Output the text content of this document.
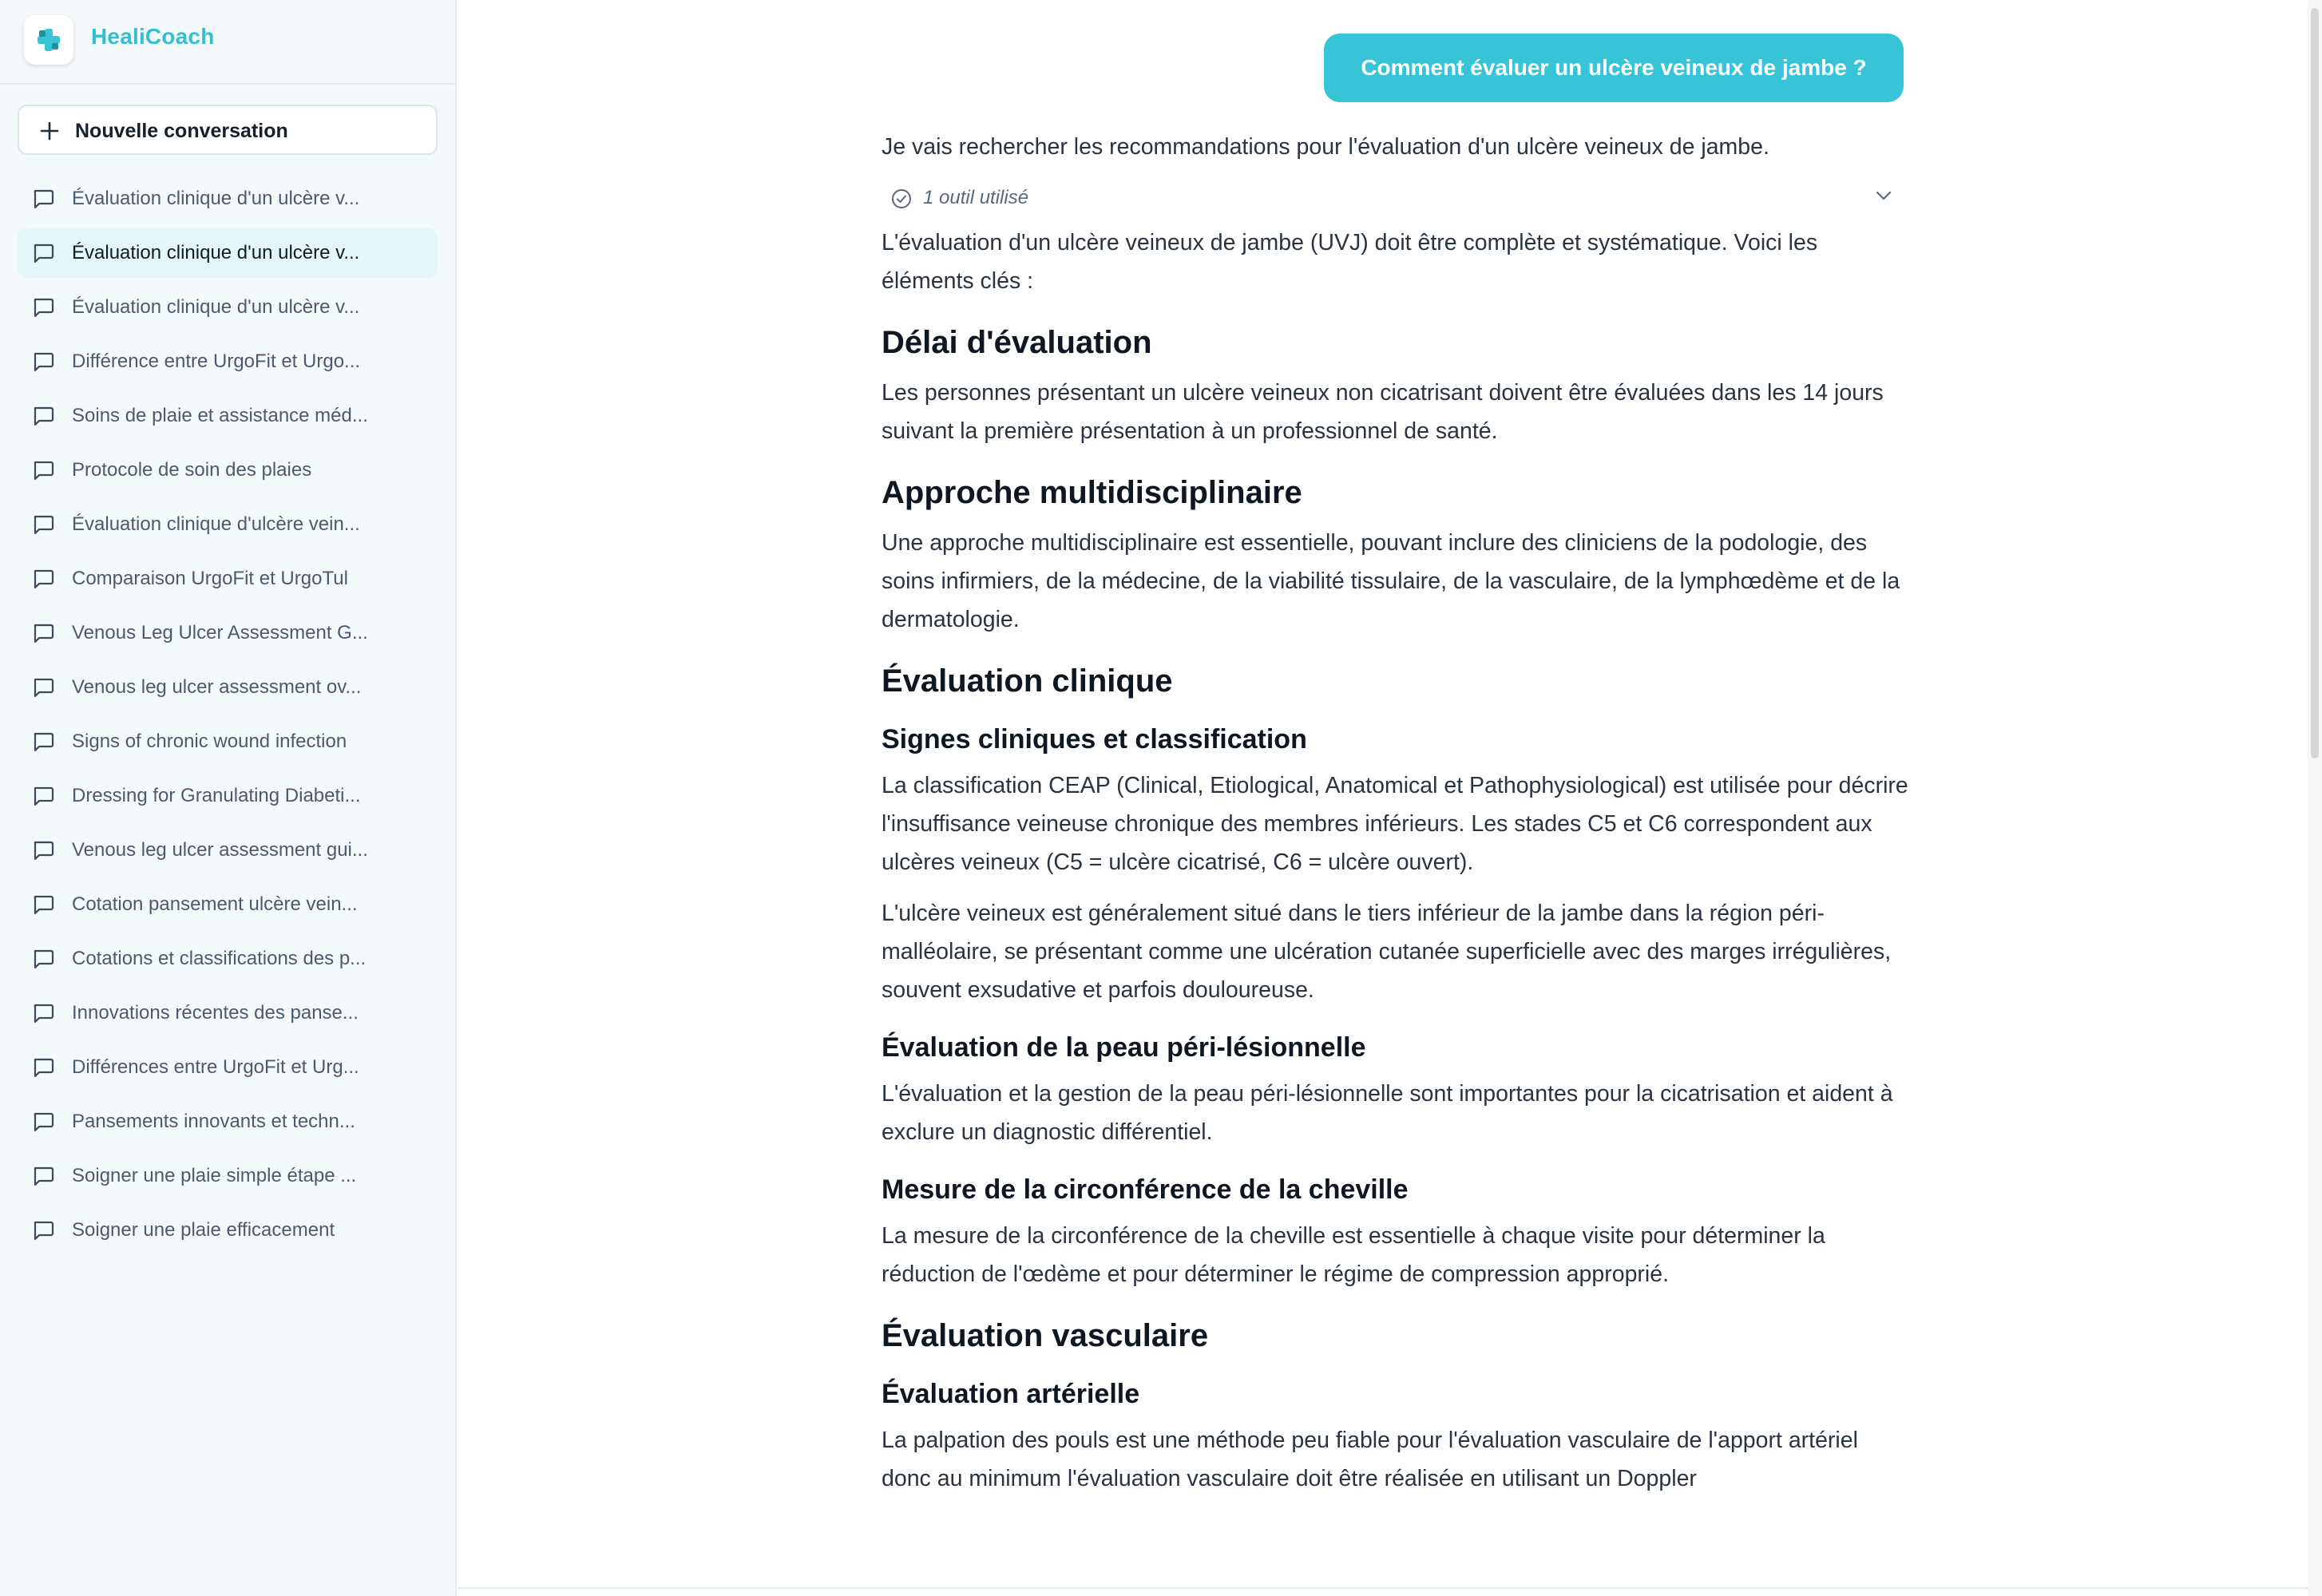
HealiCoach
Nouvelle conversation
Évaluation clinique d'un ulcère v...
Évaluation clinique d'un ulcère v...
Évaluation clinique d'un ulcère v...
Différence entre UrgoFit et Urgo...
Soins de plaie et assistance méd...
Protocole de soin des plaies
Évaluation clinique d'ulcère vein...
Comparaison UrgoFit et UrgoTul
Venous Leg Ulcer Assessment G...
Venous leg ulcer assessment ov...
Signs of chronic wound infection
Dressing for Granulating Diabeti...
Venous leg ulcer assessment gui...
Cotation pansement ulcère vein...
Cotations et classifications des p...
Innovations récentes des panse...
Différences entre UrgoFit et Urg...
Pansements innovants et techn...
Soigner une plaie simple étape ...
Soigner une plaie efficacement
Comment évaluer un ulcère veineux de jambe ?

Je vais rechercher les recommandations pour l'évaluation d'un ulcère veineux de jambe.

1 outil utilisé

L'évaluation d'un ulcère veineux de jambe (UVJ) doit être complète et systématique. Voici les éléments clés :

Délai d'évaluation

Les personnes présentant un ulcère veineux non cicatrisant doivent être évaluées dans les 14 jours suivant la première présentation à un professionnel de santé.

Approche multidisciplinaire

Une approche multidisciplinaire est essentielle, pouvant inclure des cliniciens de la podologie, des soins infirmiers, de la médecine, de la viabilité tissulaire, de la vasculaire, de la lymphœdème et de la dermatologie.

Évaluation clinique
Signes cliniques et classification

La classification CEAP (Clinical, Etiological, Anatomical et Pathophysiological) est utilisée pour décrire l'insuffisance veineuse chronique des membres inférieurs. Les stades C5 et C6 correspondent aux ulcères veineux (C5 = ulcère cicatrisé, C6 = ulcère ouvert).

L'ulcère veineux est généralement situé dans le tiers inférieur de la jambe dans la région péri-malléolaire, se présentant comme une ulcération cutanée superficielle avec des marges irrégulières, souvent exsudative et parfois douloureuse.

Évaluation de la peau péri-lésionnelle

L'évaluation et la gestion de la peau péri-lésionnelle sont importantes pour la cicatrisation et aident à exclure un diagnostic différentiel.

Mesure de la circonférence de la cheville

La mesure de la circonférence de la cheville est essentielle à chaque visite pour déterminer la réduction de l'œdème et pour déterminer le régime de compression approprié.

Évaluation vasculaire
Évaluation artérielle

La palpation des pouls est une méthode peu fiable pour l'évaluation vasculaire de l'apport artériel donc au minimum l'évaluation vasculaire doit être réalisée en utilisant un Doppler
